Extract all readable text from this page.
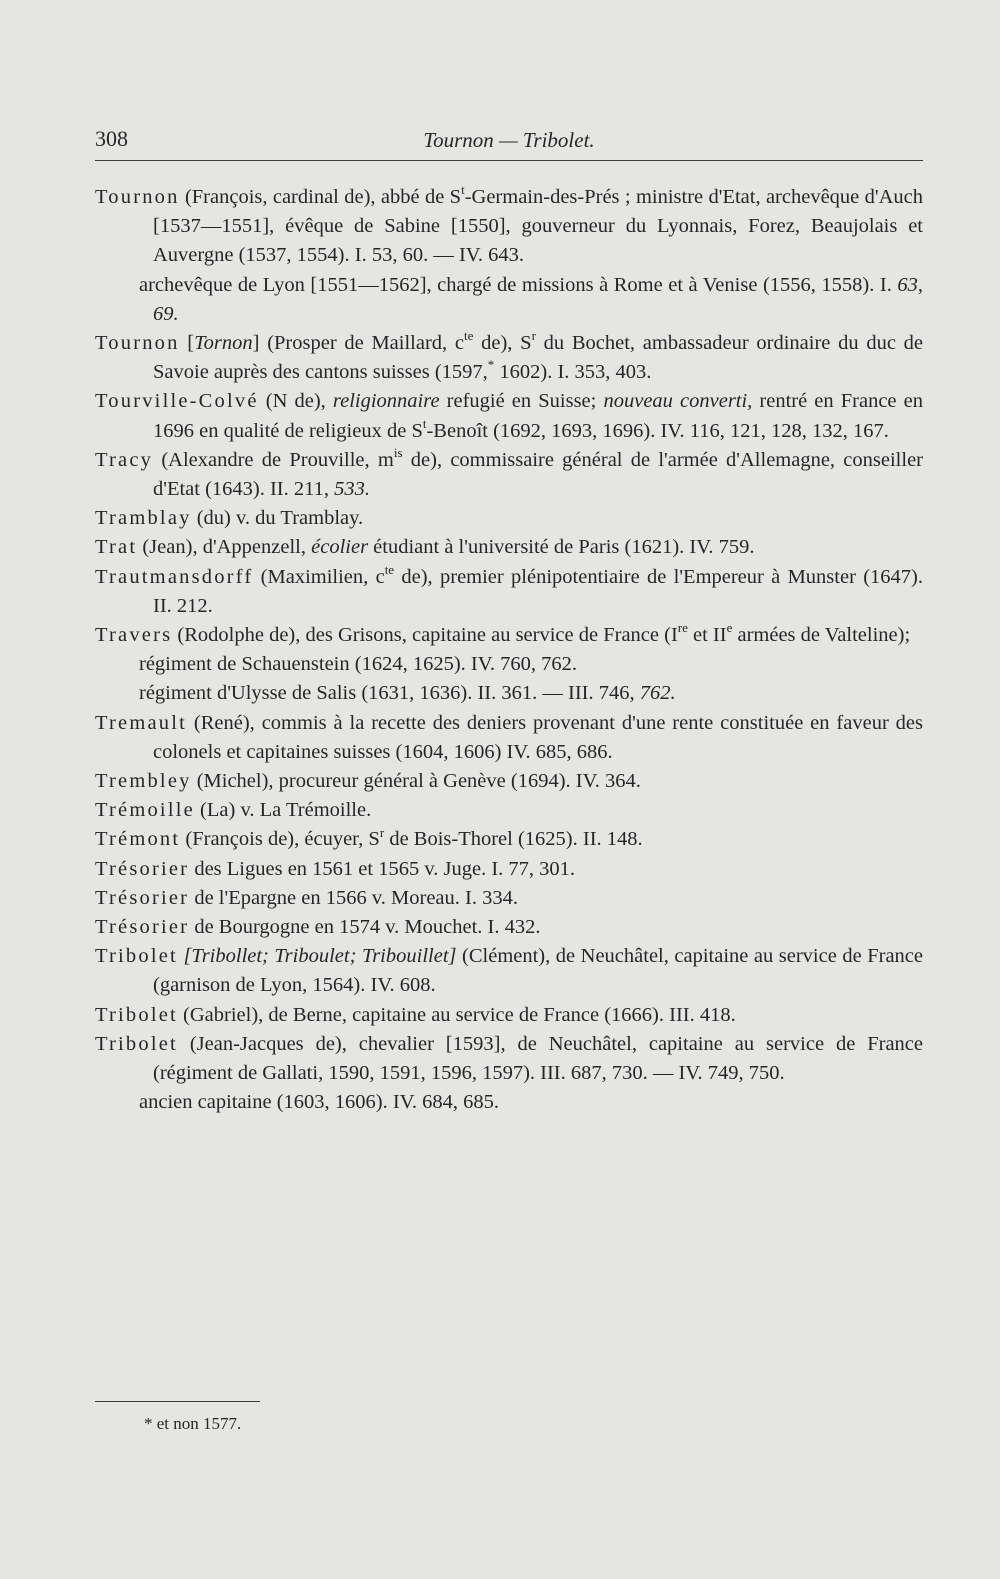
308	Tournon — Tribolet.

Tournon (François, cardinal de), abbé de $S^t-Germain-des$-Prés ; ministre d'Etat, archevêque d'Auch [1537—1551], évêque de Sabine [1550], gouverneur du Lyonnais, Forez, Beaujolais et Auvergne (1537, 1554). I. 53, 60. — IV. 643.

archevêque de Lyon [1551—1562], chargé de missions à Rome et à Venise (1556, 1558). I. 63, 69.

Tournon [Tornon] (Prosper de Maillard, $c^{te}$ de), $S^r$ du Bochet, ambassadeur ordinaire du duc de Savoie auprès des cantons suisses (1597,* 1602). I. 353, 403.

Tourville-Colvé (N de), religionnaire refugié en Suisse; nouveau converti, rentré en France en 1696 en qualité de religieux de $S^t$-Benoît (1692, 1693, 1696). IV. 116, 121, 128, 132, 167.

Tracy (Alexandre de Prouville, $m^{is}$ de), commissaire général de l'armée d'Allemagne, conseiller d'Etat (1643). II. 211, 533.

Tramblay (du) v. du Tramblay.

Trat (Jean), d'Appenzell, écolier étudiant à l'université de Paris (1621). IV. 759.

Trautmansdorff (Maximilien, $c^{te}$ de), premier plénipotentiaire de l'Empereur à Munster (1647). II. 212.

Travers (Rodolphe de), des Grisons, capitaine au service de France (Ire et IIe armées de Valteline);

régiment de Schauenstein (1624, 1625). IV. 760, 762.

régiment d'Ulysse de Salis (1631, 1636). II. 361. — III. 746, 762.

Tremault (René), commis à la recette des deniers provenant d'une rente constituée en faveur des colonels et capitaines suisses (1604, 1606) IV. 685, 686.

Trembley (Michel), procureur général à Genève (1694). IV. 364.

Trémoille (La) v. La Trémoille.

Trémont (François de), écuyer, $S^r$ de Bois-Thorel (1625). II. 148.

Trésorier des Ligues en 1561 et 1565 v. Juge. I. 77, 301.

Trésorier de l'Epargne en 1566 v. Moreau. I. 334.

Trésorier de Bourgogne en 1574 v. Mouchet. I. 432.

Tribolet [Tribollet; Triboulet; Tribouillet] (Clément), de Neuchâtel, capitaine au service de France (garnison de Lyon, 1564). IV. 608.

Tribolet (Gabriel), de Berne, capitaine au service de France (1666). III. 418.

Tribolet (Jean-Jacques de), chevalier [1593], de Neuchâtel, capitaine au service de France (régiment de Gallati, 1590, 1591, 1596, 1597). III. 687, 730. — IV. 749, 750.

ancien capitaine (1603, 1606). IV. 684, 685.

* et non 1577.
